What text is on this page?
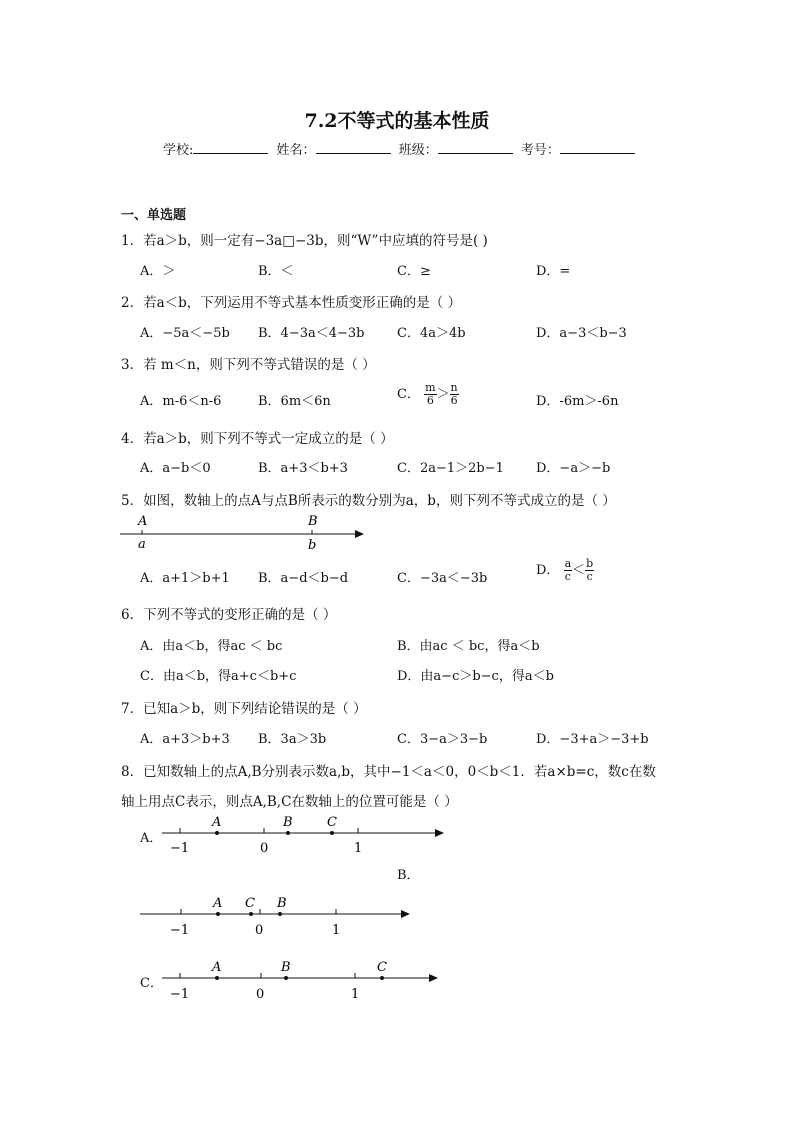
7.2不等式的基本性质
学校:	姓名：	班级：	考号：
一、单选题
1．若a＞b，则一定有−3a□−3b，则“W”中应填的符号是( )
A．＞	B．＜	C．≥	D．=
2．若a＜b，下列运用不等式基本性质变形正确的是（ ）
A．−5a＜−5b B．4−3a＜4−3b	C．4a＞4b	D．a−3＜b−3
3．若 m＜n，则下列不等式错误的是（ ）
A．m-6＜n-6	B．6m＜6n	C． $\frac{m}{6} > \frac{n}{6}$	D．-6m＞-6n
4．若a＞b，则下列不等式一定成立的是（ ）
A．a−b＜0	B．a+3＜b+3	C．2a−1＞2b−1 D．−a＞−b
5．如图，数轴上的点A与点B所表示的数分别为a，b，则下列不等式成立的是（ ）
A	B
a	b
A．a+1＞b+1 B．a−d＜b−d	C．−3a＜−3b
D． $\frac{a}{c} < \frac{b}{c}$
6．下列不等式的变形正确的是（ ）
A．由a＜b，得ac ＜ bc	B．由ac ＜ bc，得a＜b
C．由a＜b，得a+c＜b+c	D．由a−c＞b−c，得a＜b
7．已知a＞b，则下列结论错误的是（ ）
A．a+3＞b+3 B．3a＞3b	C．3−a＞3−b	D．−3+a＞−3+b
8．已知数轴上的点A,B分别表示数a,b，其中−1＜a＜0，0＜b＜1．若a×b=c，数c在数
轴上用点C表示，则点A,B,C在数轴上的位置可能是（ ）
A．
A	B	C
−1	0	1
B．
A C B
−1	0	1
C．
A	B	C
−1	0	1
